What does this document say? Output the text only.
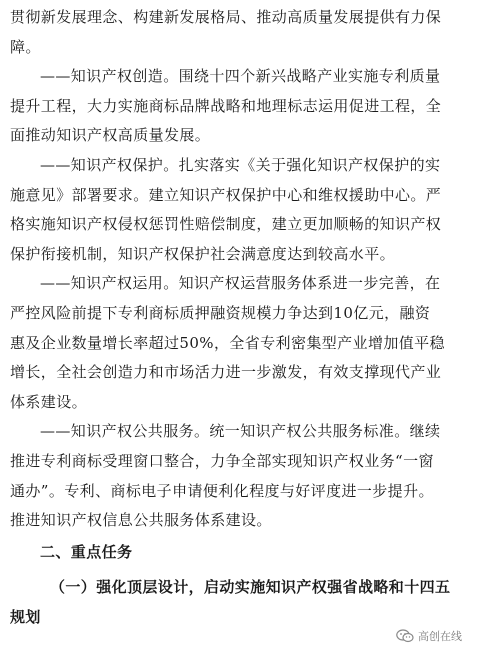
贯彻新发展理念、构建新发展格局、推动高质量发展提供有力保
障。
——知识产权创造。围绕十四个新兴战略产业实施专利质量
提升工程，大力实施商标品牌战略和地理标志运用促进工程，全
面推动知识产权高质量发展。
——知识产权保护。扎实落实《关于强化知识产权保护的实
施意见》部署要求。建立知识产权保护中心和维权援助中心。严
格实施知识产权侵权惩罚性赔偿制度，建立更加顺畅的知识产权
保护衔接机制，知识产权保护社会满意度达到较高水平。
——知识产权运用。知识产权运营服务体系进一步完善，在
严控风险前提下专利商标质押融资规模力争达到10亿元，融资
惠及企业数量增长率超过50%，全省专利密集型产业增加值平稳
增长，全社会创造力和市场活力进一步激发，有效支撑现代产业
体系建设。
——知识产权公共服务。统一知识产权公共服务标准。继续
推进专利商标受理窗口整合，力争全部实现知识产权业务“一窗
通办”。专利、商标电子申请便利化程度与好评度进一步提升。
推进知识产权信息公共服务体系建设。
二、重点任务
（一）强化顶层设计，启动实施知识产权强省战略和十四五
规划
高创在线
